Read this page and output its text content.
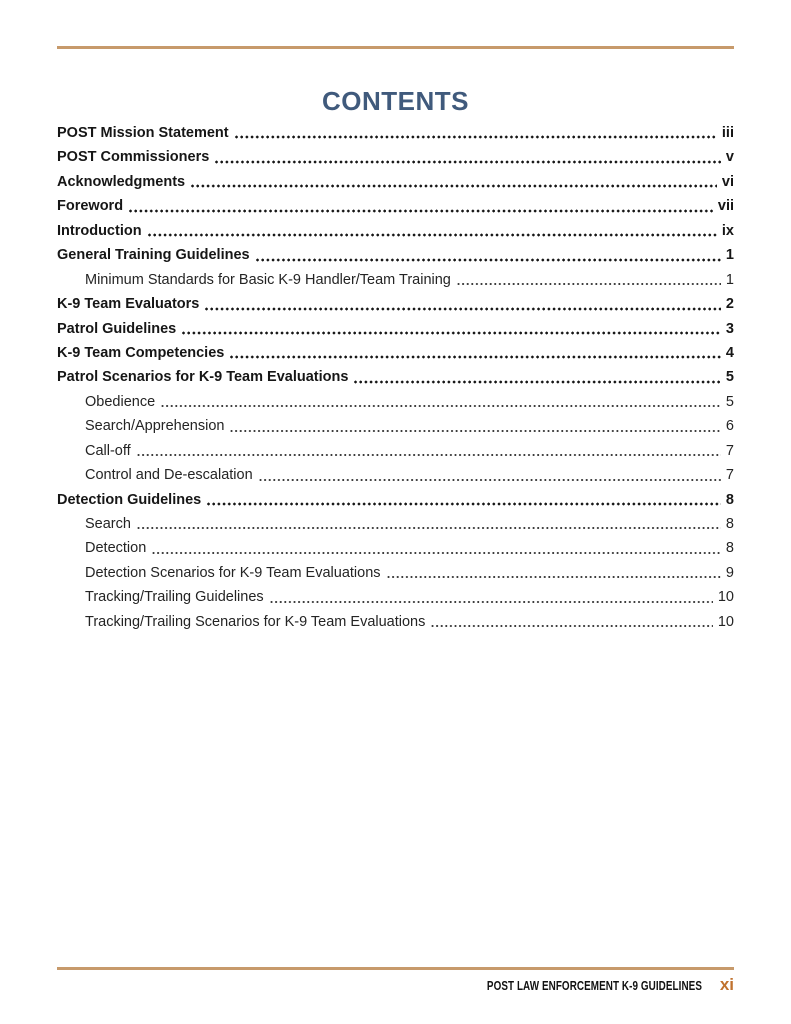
CONTENTS
POST Mission Statement	iii
POST Commissioners	v
Acknowledgments	vi
Foreword	vii
Introduction	ix
General Training Guidelines	1
Minimum Standards for Basic K-9 Handler/Team Training	1
K-9 Team Evaluators	2
Patrol Guidelines	3
K-9 Team Competencies	4
Patrol Scenarios for K-9 Team Evaluations	5
Obedience	5
Search/Apprehension	6
Call-off	7
Control and De-escalation	7
Detection Guidelines	8
Search	8
Detection	8
Detection Scenarios for K-9 Team Evaluations	9
Tracking/Trailing Guidelines	10
Tracking/Trailing Scenarios for K-9 Team Evaluations	10
POST LAW ENFORCEMENT K-9 GUIDELINES xi
